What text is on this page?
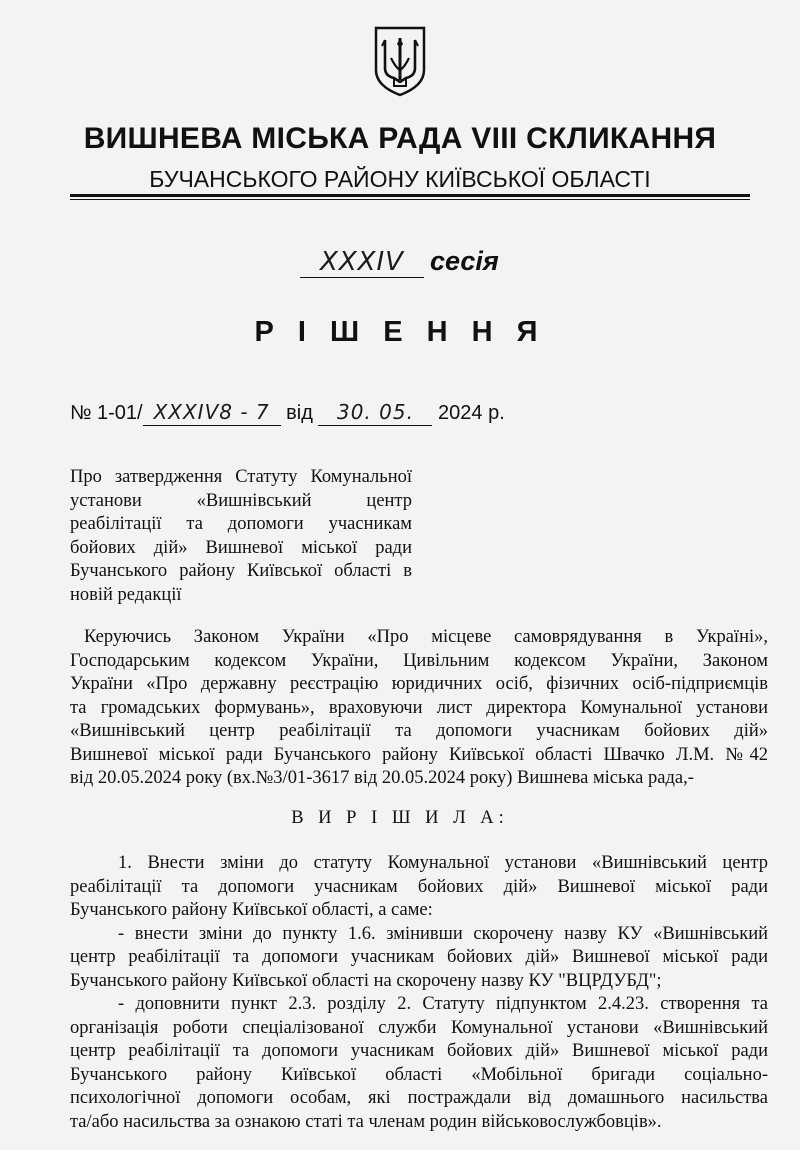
ВИШНЕВА МІСЬКА РАДА VIII СКЛИКАННЯ
БУЧАНСЬКОГО РАЙОНУ КИЇВСЬКОЇ ОБЛАСТІ
XXXIV сесія
Р І Ш Е Н Н Я
№ 1-01/ XXXIV8 - 7 від 30. 05. 2024 р.
Про затвердження Статуту Комунальної
установи «Вишнівський центр
реабілітації та допомоги учасникам
бойових дій» Вишневої міської ради
Бучанського району Київської області в
новій редакції
Керуючись Законом України «Про місцеве самоврядування в Україні»,
Господарським кодексом України, Цивільним кодексом України, Законом
України «Про державну реєстрацію юридичних осіб, фізичних осіб-підприємців
та громадських формувань», враховуючи лист директора Комунальної установи
«Вишнівський центр реабілітації та допомоги учасникам бойових дій»
Вишневої міської ради Бучанського району Київської області Швачко Л.М. №42
від 20.05.2024 року (вх.№3/01-3617 від 20.05.2024 року) Вишнева міська рада,-
В И Р І Ш И Л А:
1. Внести зміни до статуту Комунальної установи «Вишнівський центр
реабілітації та допомоги учасникам бойових дій» Вишневої міської ради
Бучанського району Київської області, а саме:
- внести зміни до пункту 1.6. змінивши скорочену назву КУ «Вишнівський
центр реабілітації та допомоги учасникам бойових дій» Вишневої міської ради
Бучанського району Київської області на скорочену назву КУ "ВЦРДУБД";
- доповнити пункт 2.3. розділу 2. Статуту підпунктом 2.4.23. створення та
організація роботи спеціалізованої служби Комунальної установи «Вишнівський
центр реабілітації та допомоги учасникам бойових дій» Вишневої міської ради
Бучанського району Київської області «Мобільної бригади соціально-
психологічної допомоги особам, які постраждали від домашнього насильства
та/або насильства за ознакою статі та членам родин військовослужбовців».
